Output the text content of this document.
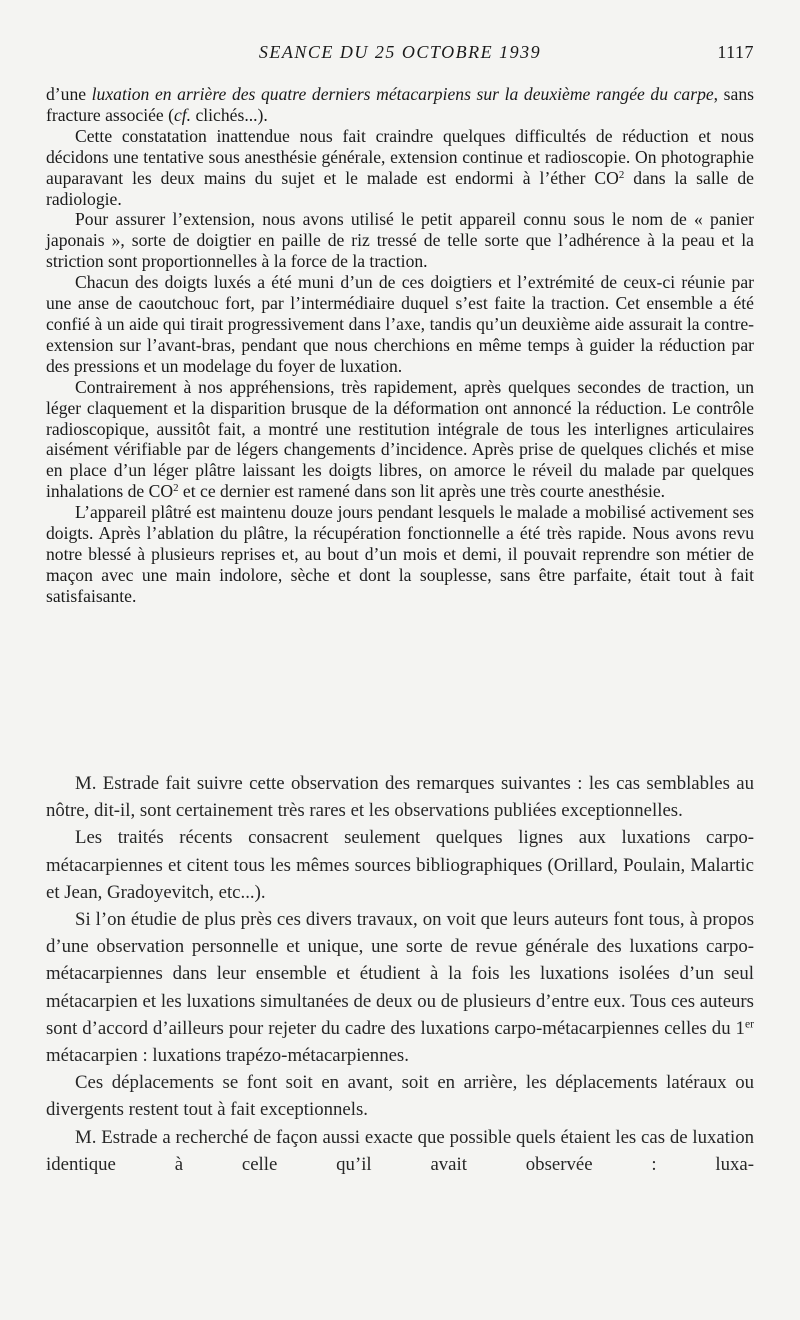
SEANCE DU 25 OCTOBRE 1939	1117

d’une luxation en arrière des quatre derniers métacarpiens sur la deuxième rangée du carpe, sans fracture associée (cf. clichés...).

Cette constatation inattendue nous fait craindre quelques difficultés de réduction et nous décidons une tentative sous anesthésie générale, extension continue et radioscopie. On photographie auparavant les deux mains du sujet et le malade est endormi à l’éther $CO^2$ dans la salle de radiologie.

Pour assurer l’extension, nous avons utilisé le petit appareil connu sous le nom de « panier japonais », sorte de doigtier en paille de riz tressé de telle sorte que l’adhérence à la peau et la striction sont proportionnelles à la force de la traction.

Chacun des doigts luxés a été muni d’un de ces doigtiers et l’extrémité de ceux-ci réunie par une anse de caoutchouc fort, par l’intermédiaire duquel s’est faite la traction. Cet ensemble a été confié à un aide qui tirait progressivement dans l’axe, tandis qu’un deuxième aide assurait la contre-extension sur l’avant-bras, pendant que nous cherchions en même temps à guider la réduction par des pressions et un modelage du foyer de luxation.

Contrairement à nos appréhensions, très rapidement, après quelques secondes de traction, un léger claquement et la disparition brusque de la déformation ont annoncé la réduction. Le contrôle radioscopique, aussitôt fait, a montré une restitution intégrale de tous les interlignes articulaires aisément vérifiable par de légers changements d’incidence. Après prise de quelques clichés et mise en place d’un léger plâtre laissant les doigts libres, on amorce le réveil du malade par quelques inhalations de $CO^2$ et ce dernier est ramené dans son lit après une très courte anesthésie.

L’appareil plâtré est maintenu douze jours pendant lesquels le malade a mobilisé activement ses doigts. Après l’ablation du plâtre, la récupération fonctionnelle a été très rapide. Nous avons revu notre blessé à plusieurs reprises et, au bout d’un mois et demi, il pouvait reprendre son métier de maçon avec une main indolore, sèche et dont la souplesse, sans être parfaite, était tout à fait satisfaisante.

M. Estrade fait suivre cette observation des remarques suivantes : les cas semblables au nôtre, dit-il, sont certainement très rares et les observations publiées exceptionnelles.

Les traités récents consacrent seulement quelques lignes aux luxations carpo-métacarpiennes et citent tous les mêmes sources bibliographiques (Orillard, Poulain, Malartic et Jean, Gradoyevitch, etc...).

Si l’on étudie de plus près ces divers travaux, on voit que leurs auteurs font tous, à propos d’une observation personnelle et unique, une sorte de revue générale des luxations carpo-métacarpiennes dans leur ensemble et étudient à la fois les luxations isolées d’un seul métacarpien et les luxations simultanées de deux ou de plusieurs d’entre eux. Tous ces auteurs sont d’accord d’ailleurs pour rejeter du cadre des luxations carpo-métacarpiennes celles du 1er métacarpien : luxations trapézo-métacarpiennes.

Ces déplacements se font soit en avant, soit en arrière, les déplacements latéraux ou divergents restent tout à fait exceptionnels.

M. Estrade a recherché de façon aussi exacte que possible quels étaient les cas de luxation identique à celle qu’il avait observée : luxa-
